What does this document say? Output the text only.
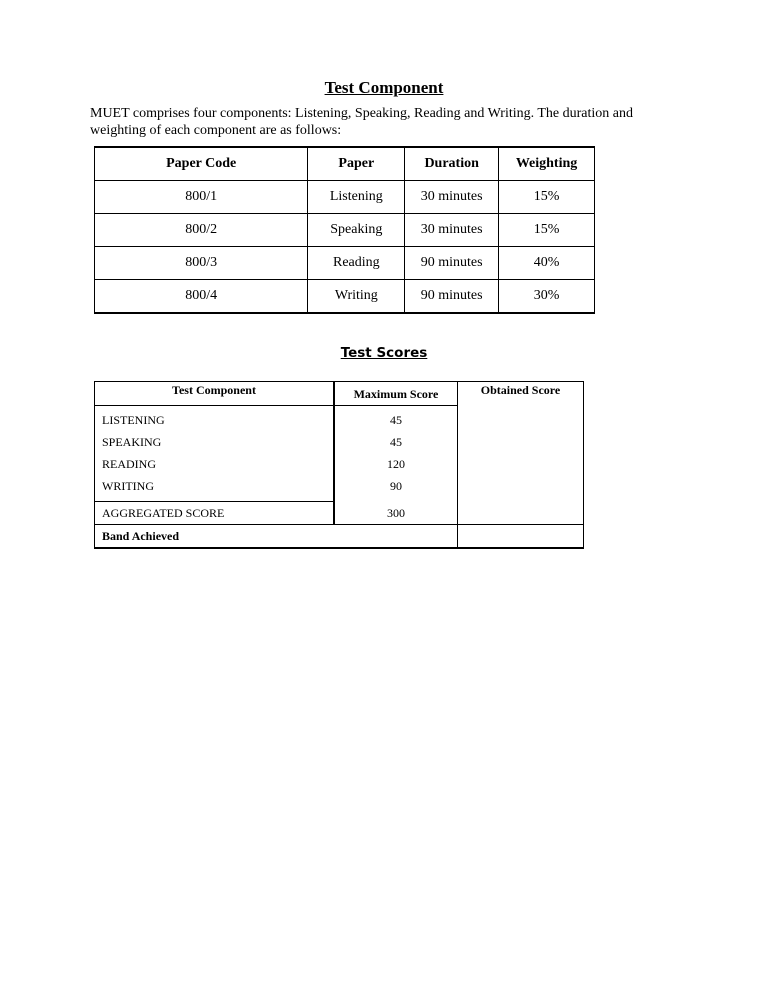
Test Component

MUET comprises four components: Listening, Speaking, Reading and Writing. The duration and weighting of each component are as follows:

Paper Code	Paper	Duration	Weighting
800/1	Listening	30 minutes	15%
800/2	Speaking	30 minutes	15%
800/3	Reading	90 minutes	40%
800/4	Writing	90 minutes	30%
Test Scores
Test Component	Maximum Score	Obtained Score
LISTENING	45
SPEAKING	45
READING	120
WRITING	90
AGGREGATED SCORE	300
Band Achieved
